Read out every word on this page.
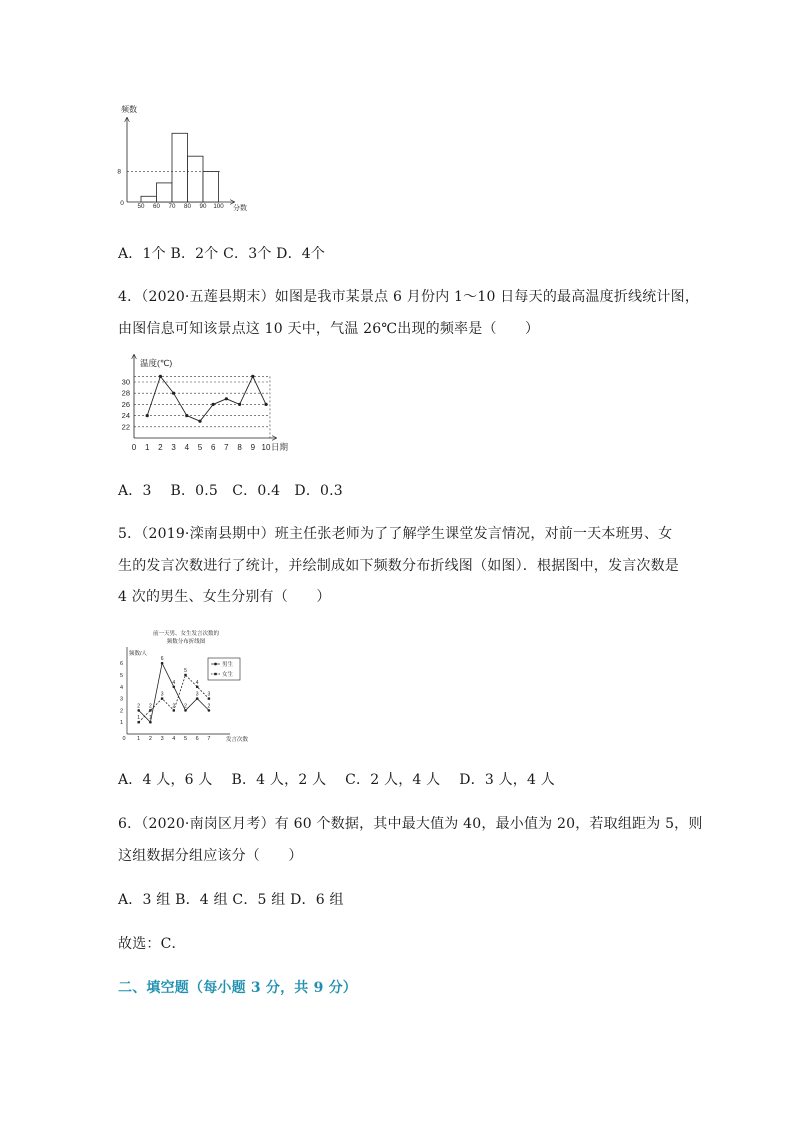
频数
8
0 50 60 70 80 90 100 分数
A．1个 B．2个 C．3个 D．4个
4．（2020·五莲县期末）如图是我市某景点 6 月份内 1～10 日每天的最高温度折线统计图，
由图信息可知该景点这 10 天中，气温 26℃出现的频率是（　　）
温度(℃)
22
24
26
28
30
0 1 2 3 4 5 6 7 8 9 10 日期
A．3　 B．0.5　C．0.4　D．0.3
5．（2019·滦南县期中）班主任张老师为了了解学生课堂发言情况，对前一天本班男、女
生的发言次数进行了统计，并绘制成如下频数分布折线图（如图）．根据图中，发言次数是
4 次的男生、女生分别有（　　）
前一天男、女生发言次数的
频数分布折线图
频数/人
1
2
3
4
5
6
0 1 2 3 4 5 6 7
2
1
6
4
2
3
2
1
2
3
2
5
4
3
男生
女生
发言次数
A．4 人，6 人　 B．4 人，2 人　 C．2 人，4 人　 D．3 人，4 人
6．（2020·南岗区月考）有 60 个数据，其中最大值为 40，最小值为 20，若取组距为 5，则
这组数据分组应该分（　　）
A．3 组 B．4 组 C．5 组 D．6 组
故选：C．
二、填空题（每小题 3 分，共 9 分）
